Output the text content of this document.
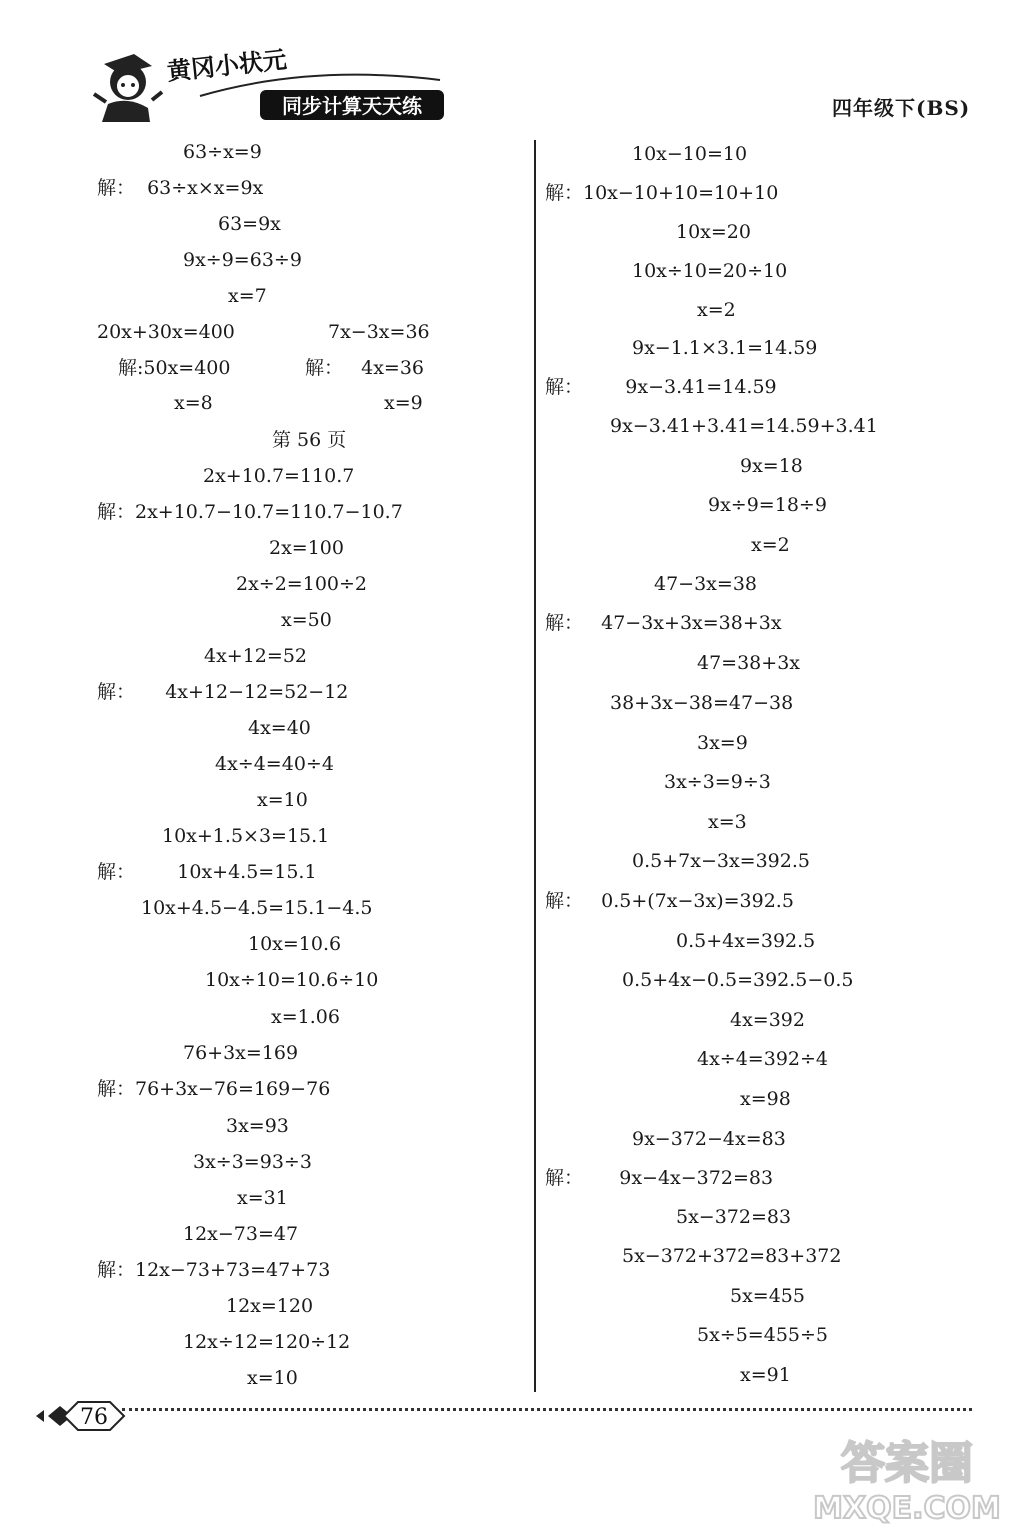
黄冈小状元
同步计算天天练	四年级下(BS)
63÷x=9
解：  63÷x×x=9x
63=9x
9x÷9=63÷9
x=7
20x+30x=400	7x−3x=36
解:50x=400	解：   4x=36
x=8	x=9
第 56 页
2x+10.7=110.7
解：2x+10.7−10.7=110.7−10.7
2x=100
2x÷2=100÷2
x=50
4x+12=52
解：     4x+12−12=52−12
4x=40
4x÷4=40÷4
x=10
10x+1.5×3=15.1
解：       10x+4.5=15.1
10x+4.5−4.5=15.1−4.5
10x=10.6
10x÷10=10.6÷10
x=1.06
76+3x=169
解：76+3x−76=169−76
3x=93
3x÷3=93÷3
x=31
12x−73=47
解：12x−73+73=47+73
12x=120
12x÷12=120÷12
x=10
10x−10=10
解：10x−10+10=10+10
10x=20
10x÷10=20÷10
x=2
9x−1.1×3.1=14.59
解：       9x−3.41=14.59
9x−3.41+3.41=14.59+3.41
9x=18
9x÷9=18÷9
x=2
47−3x=38
解：   47−3x+3x=38+3x
47=38+3x
38+3x−38=47−38
3x=9
3x÷3=9÷3
x=3
0.5+7x−3x=392.5
解：   0.5+(7x−3x)=392.5
0.5+4x=392.5
0.5+4x−0.5=392.5−0.5
4x=392
4x÷4=392÷4
x=98
9x−372−4x=83
解：      9x−4x−372=83
5x−372=83
5x−372+372=83+372
5x=455
5x÷5=455÷5
x=91
76
答案圈
MXQE.COM
